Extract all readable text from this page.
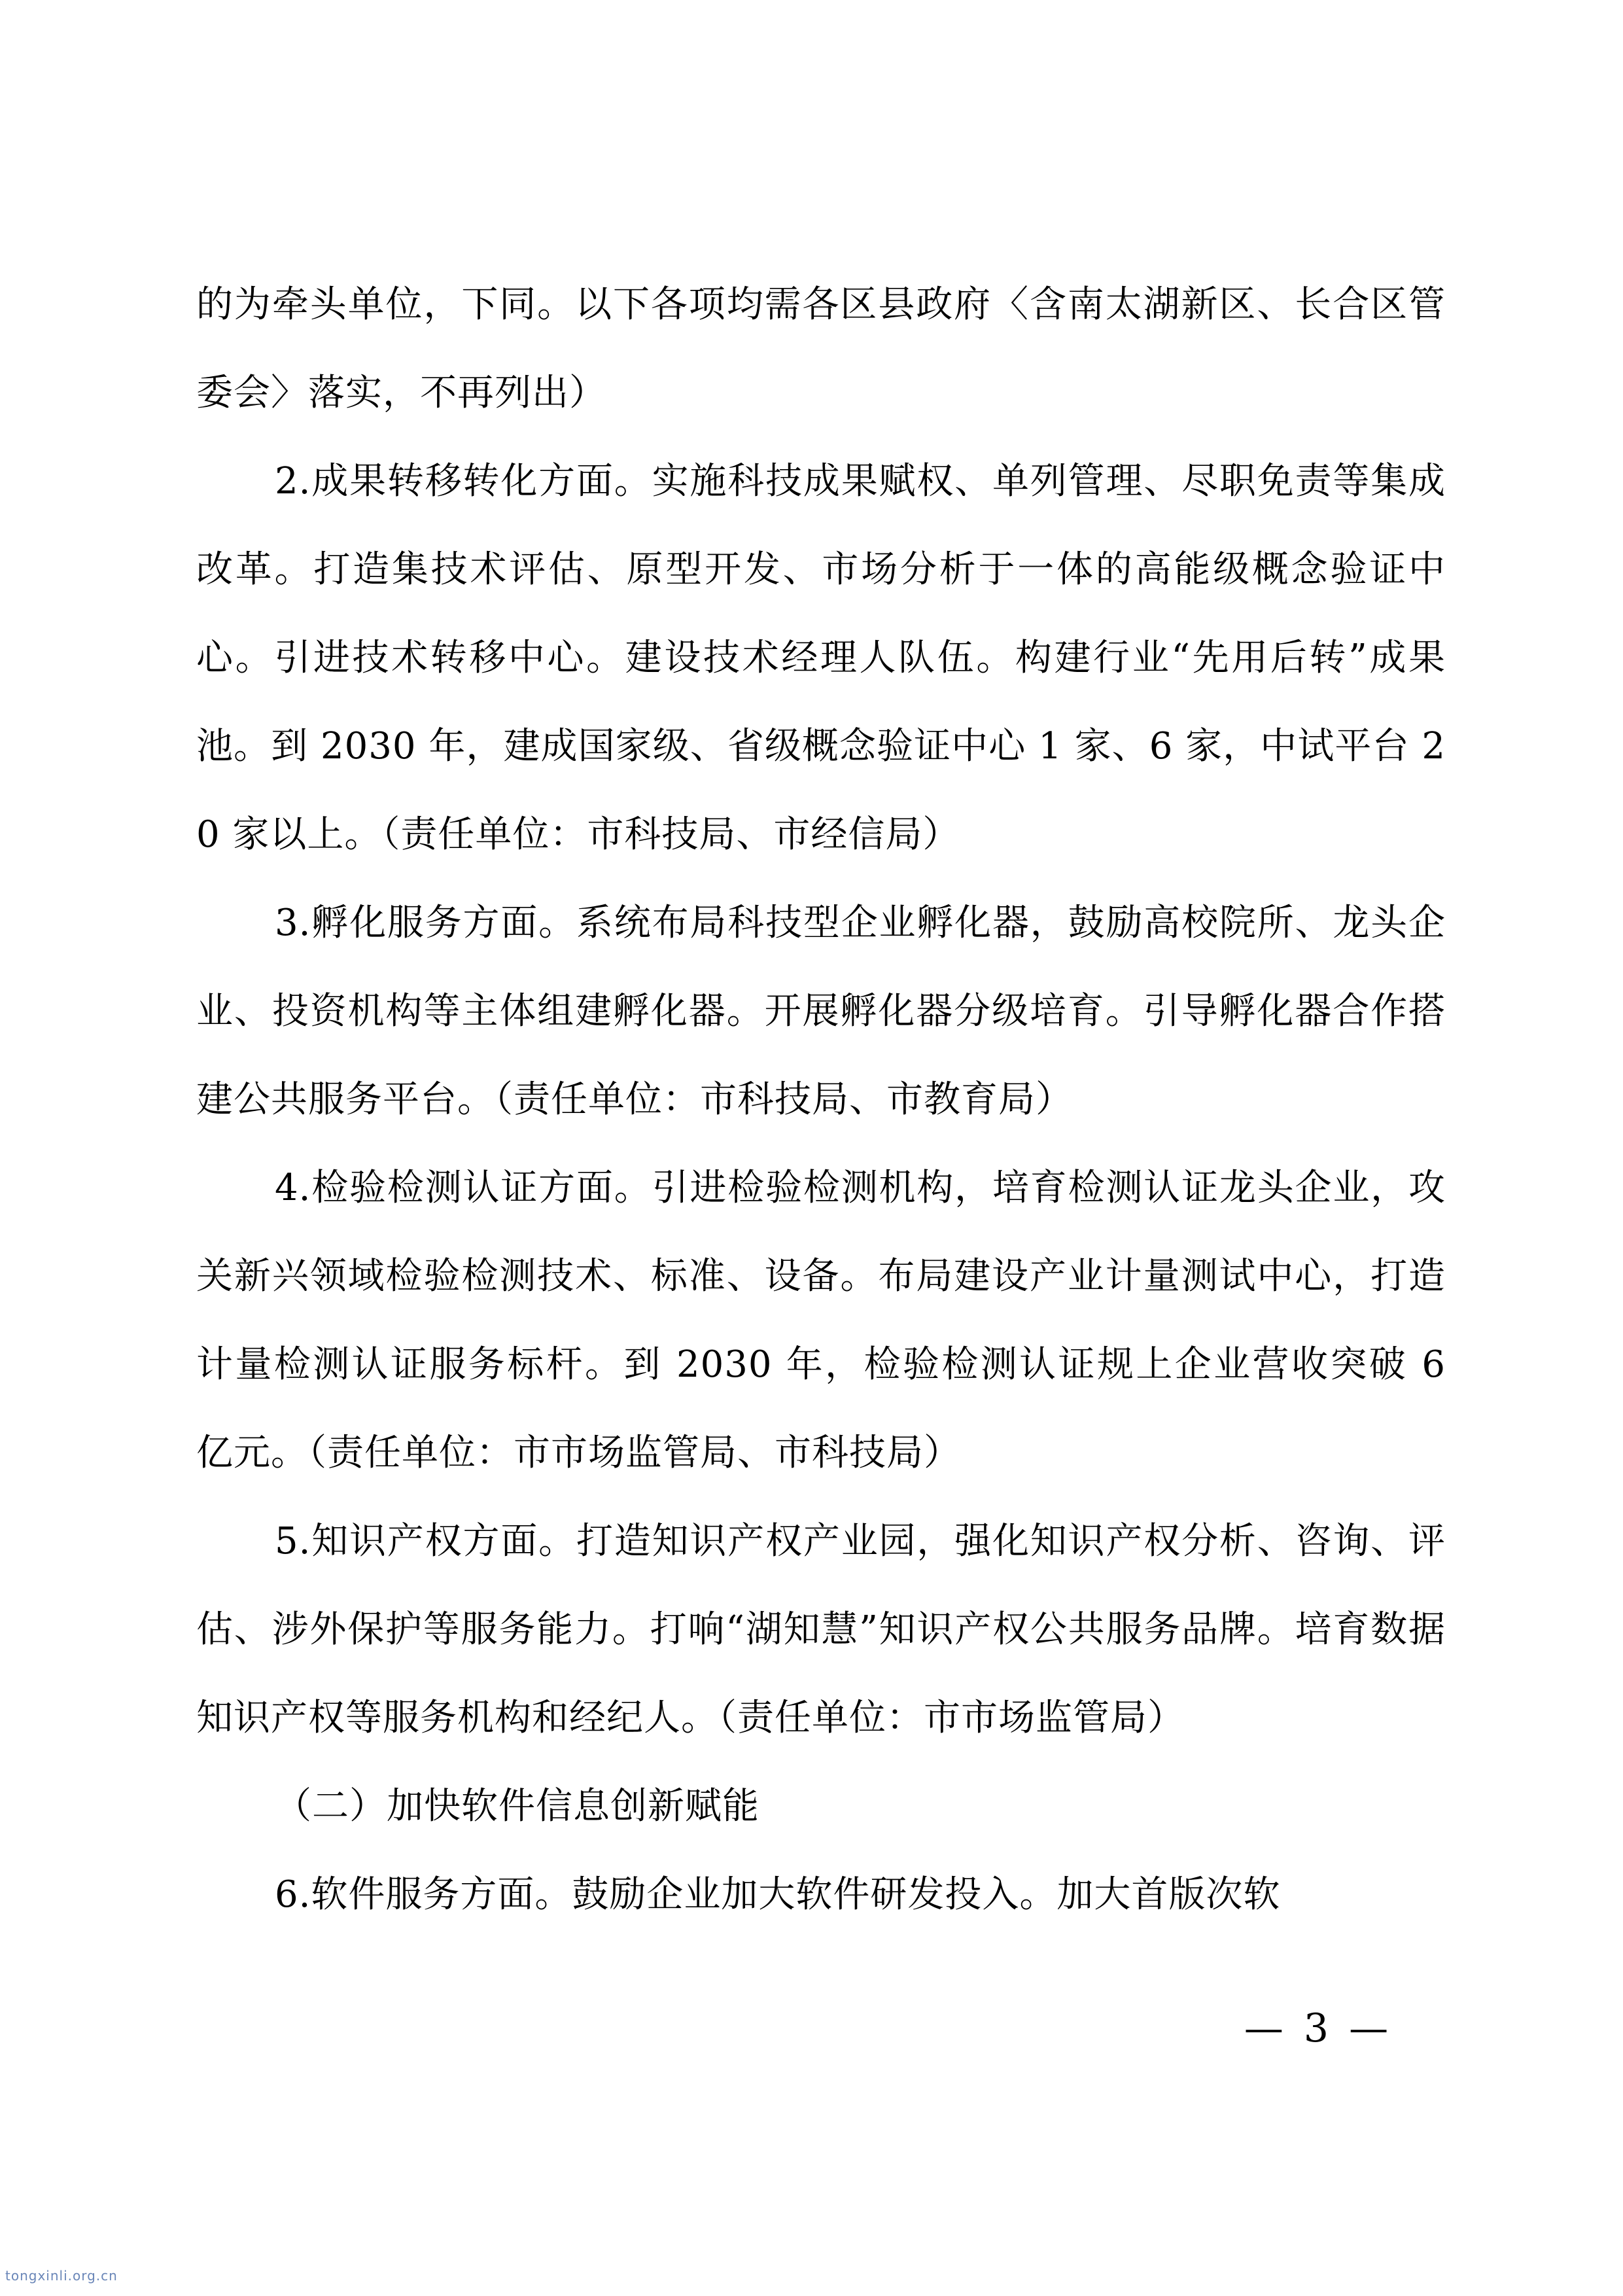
的为牵头单位，下同。以下各项均需各区县政府〈含南太湖新区、长合区管委会〉落实，不再列出）

2.成果转移转化方面。实施科技成果赋权、单列管理、尽职免责等集成改革。打造集技术评估、原型开发、市场分析于一体的高能级概念验证中心。引进技术转移中心。建设技术经理人队伍。构建行业“先用后转”成果池。到 2030 年，建成国家级、省级概念验证中心 1 家、6 家，中试平台 20 家以上。（责任单位：市科技局、市经信局）

3.孵化服务方面。系统布局科技型企业孵化器，鼓励高校院所、龙头企业、投资机构等主体组建孵化器。开展孵化器分级培育。引导孵化器合作搭建公共服务平台。（责任单位：市科技局、市教育局）

4.检验检测认证方面。引进检验检测机构，培育检测认证龙头企业，攻关新兴领域检验检测技术、标准、设备。布局建设产业计量测试中心，打造计量检测认证服务标杆。到 2030 年，检验检测认证规上企业营收突破 6 亿元。（责任单位：市市场监管局、市科技局）

5.知识产权方面。打造知识产权产业园，强化知识产权分析、咨询、评估、涉外保护等服务能力。打响“湖知慧”知识产权公共服务品牌。培育数据知识产权等服务机构和经纪人。（责任单位：市市场监管局）

（二）加快软件信息创新赋能

6.软件服务方面。鼓励企业加大软件研发投入。加大首版次软

— 3 —
tongxinli.org.cn
